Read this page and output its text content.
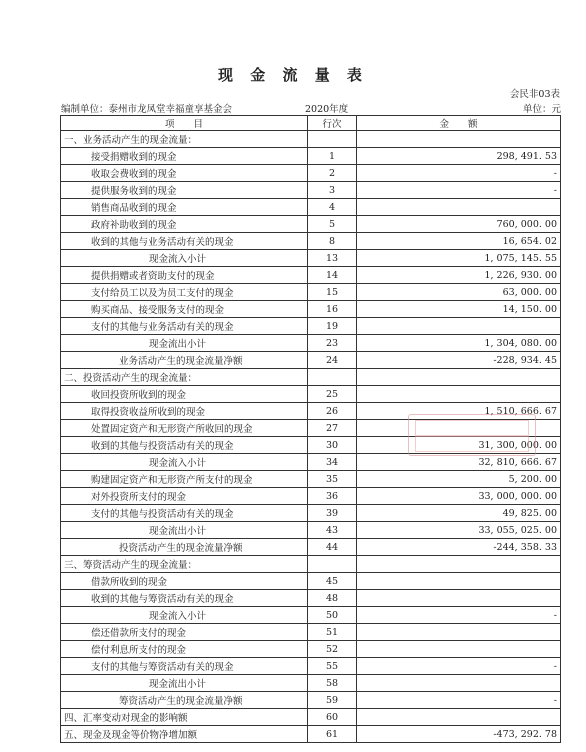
现 金 流 量 表
会民非03表
编制单位：泰州市龙凤堂幸福童享基金会	2020年度	单位：元
项　　目	行次	金　　额
一、业务活动产生的现金流量：		
接受捐赠收到的现金	1	298, 491. 53
收取会费收到的现金	2	-
提供服务收到的现金	3	-
销售商品收到的现金	4	
政府补助收到的现金	5	760, 000. 00
收到的其他与业务活动有关的现金	8	16, 654. 02
现金流入小计	13	1, 075, 145. 55
提供捐赠或者资助支付的现金	14	1, 226, 930. 00
支付给员工以及为员工支付的现金	15	63, 000. 00
购买商品、接受服务支付的现金	16	14, 150. 00
支付的其他与业务活动有关的现金	19	
现金流出小计	23	1, 304, 080. 00
业务活动产生的现金流量净额	24	-228, 934. 45
二、投资活动产生的现金流量：		
收回投资所收到的现金	25	
取得投资收益所收到的现金	26	1, 510, 666. 67
处置固定资产和无形资产所收回的现金	27	
收到的其他与投资活动有关的现金	30	31, 300, 000. 00
现金流入小计	34	32, 810, 666. 67
购建固定资产和无形资产所支付的现金	35	5, 200. 00
对外投资所支付的现金	36	33, 000, 000. 00
支付的其他与投资活动有关的现金	39	49, 825. 00
现金流出小计	43	33, 055, 025. 00
投资活动产生的现金流量净额	44	-244, 358. 33
三、筹资活动产生的现金流量：		
借款所收到的现金	45	
收到的其他与筹资活动有关的现金	48	
现金流入小计	50	-
偿还借款所支付的现金	51	
偿付利息所支付的现金	52	
支付的其他与筹资活动有关的现金	55	-
现金流出小计	58	
筹资活动产生的现金流量净额	59	-
四、汇率变动对现金的影响额	60	
五、现金及现金等价物净增加额	61	-473, 292. 78
